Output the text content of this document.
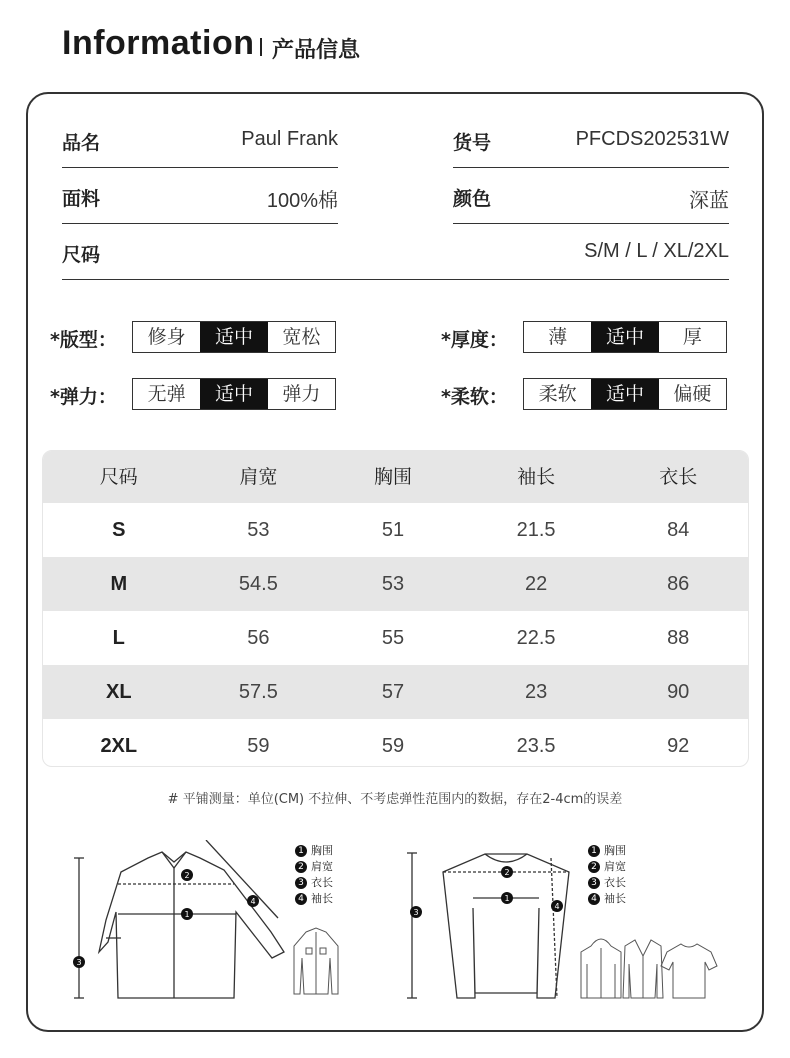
Information 产品信息
品名	Paul Frank	货号	PFCDS202531W
面料	100%棉	颜色	深蓝
尺码	S/M / L / XL/2XL
*版型：	修身	适中	宽松	*厚度：	薄	适中	厚
*弹力：	无弹	适中	弹力	*柔软：	柔软	适中	偏硬
尺码	肩宽	胸围	袖长	衣长
S	53	51	21.5	84
M	54.5	53	22	86
L	56	55	22.5	88
XL	57.5	57	23	90
2XL	59	59	23.5	92
# 平铺测量：单位(CM) 不拉伸、不考虑弹性范围内的数据，存在2-4cm的误差
2
1
4
3
1 胸围
2 肩宽
3 衣长
4 袖长
2
1
4
3
1 胸围
2 肩宽
3 衣长
4 袖长
